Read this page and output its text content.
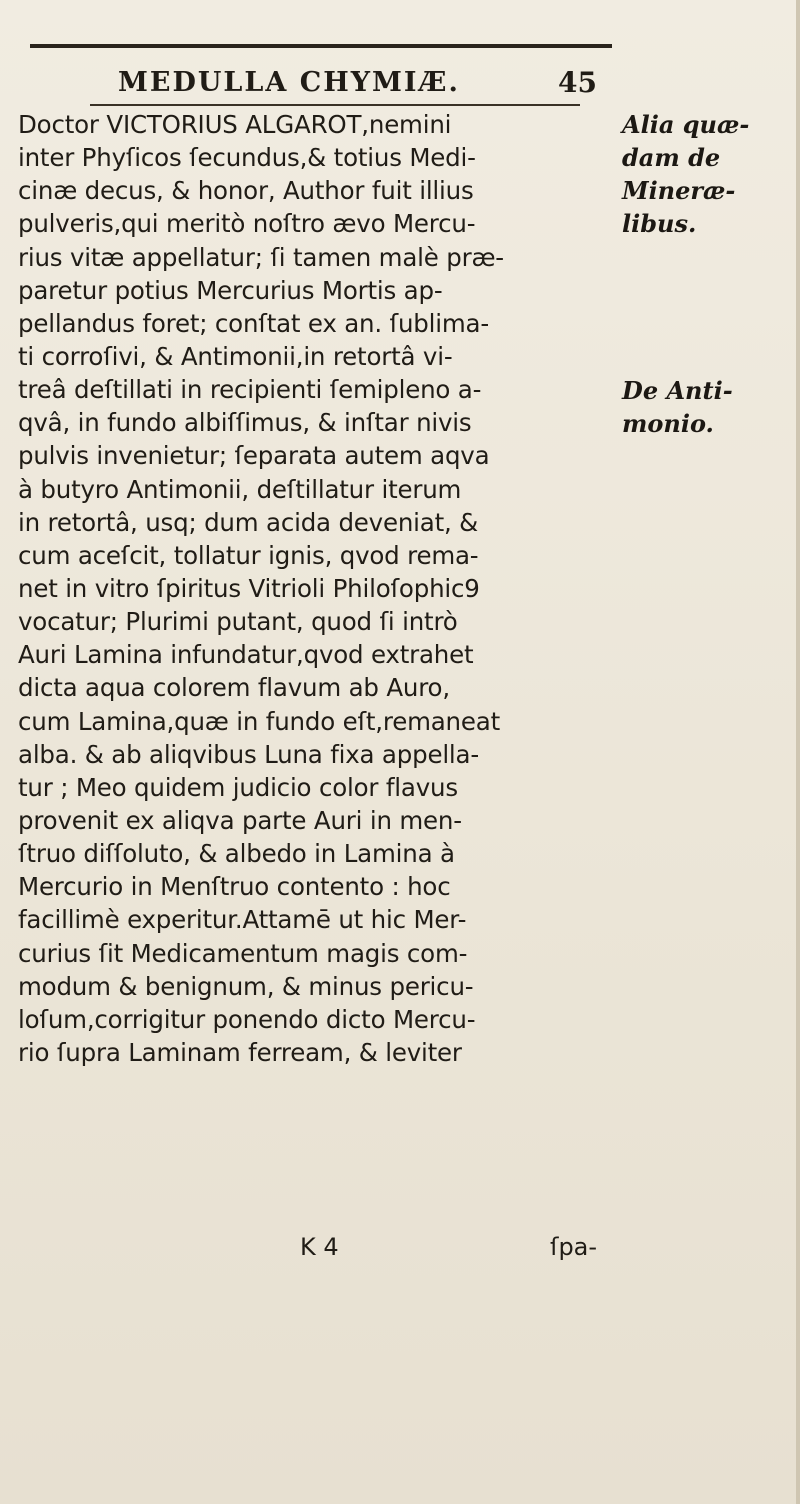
MEDULLA CHYMIÆ.	45
Doctor VICTORIUS ALGAROT,nemini
inter Phyſicos ſecundus,& totius Medi-
cinæ decus, & honor, Author fuit illius
pulveris,qui meritò noſtro ævo Mercu-
rius vitæ appellatur; ſi tamen malè præ-
paretur potius Mercurius Mortis ap-
pellandus foret; conſtat ex an. ſublima-
ti corroſivi, & Antimonii,in retortâ vi-
treâ deſtillati in recipienti ſemipleno a-
qvâ, in fundo albiſſimus, & inſtar nivis
pulvis invenietur; ſeparata autem aqva
à butyro Antimonii, deſtillatur iterum
in retortâ, usq; dum acida deveniat, &
cum aceſcit, tollatur ignis, qvod rema-
net in vitro ſpiritus Vitrioli Philoſophic9
vocatur; Plurimi putant, quod ſi intrò
Auri Lamina infundatur,qvod extrahet
dicta aqua colorem flavum ab Auro,
cum Lamina,quæ in fundo eſt,remaneat
alba. & ab aliqvibus Luna fixa appella-
tur ; Meo quidem judicio color flavus
provenit ex aliqva parte Auri in men-
ſtruo diſſoluto, & albedo in Lamina à
Mercurio in Menſtruo contento : hoc
facillimè experitur.Attamē ut hic Mer-
curius ſit Medicamentum magis com-
modum & benignum, & minus pericu-
loſum,corrigitur ponendo dicto Mercu-
rio ſupra Laminam ferream, & leviter
Alia quæ-
dam de
Mineræ-
libus.
De Anti-
monio.
K 4	ſpa-
